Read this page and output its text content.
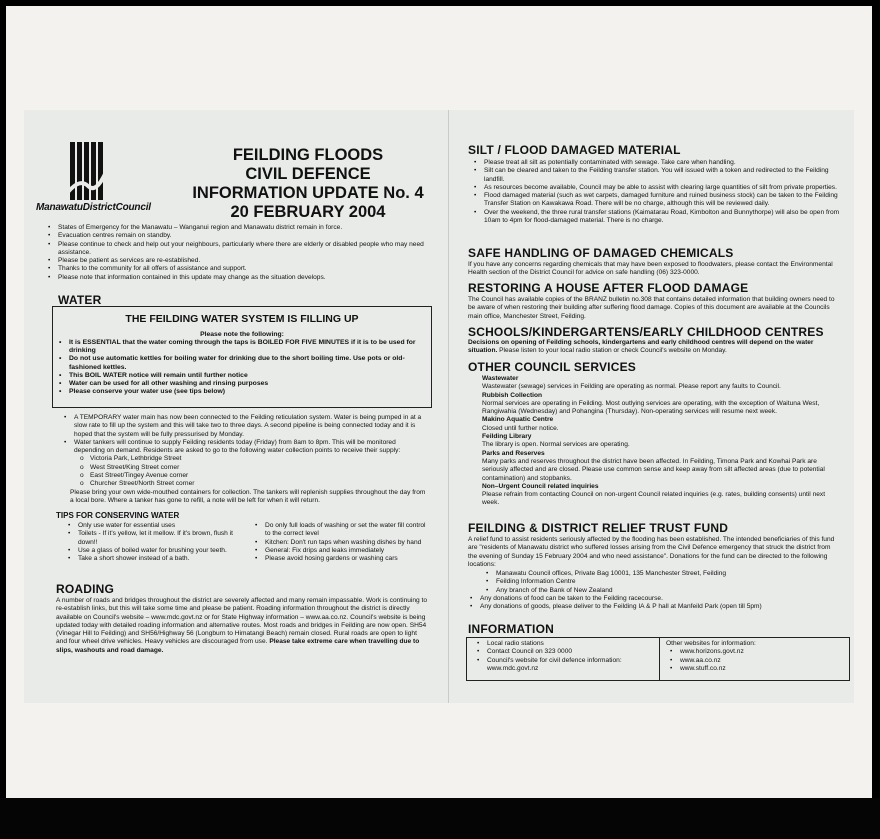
ManawatuDistrictCouncil
FEILDING FLOODS
CIVIL DEFENCE
INFORMATION UPDATE No. 4
20 FEBRUARY 2004
• States of Emergency for the Manawatu – Wanganui region and Manawatu district remain in force.
• Evacuation centres remain on standby.
• Please continue to check and help out your neighbours, particularly where there are elderly or disabled people who may need assistance.
• Please be patient as services are re-established.
• Thanks to the community for all offers of assistance and support.
• Please note that information contained in this update may change as the situation develops.
WATER
THE FEILDING WATER SYSTEM IS FILLING UP
Please note the following:
• It is ESSENTIAL that the water coming through the taps is BOILED FOR FIVE MINUTES if it is to be used for drinking
• Do not use automatic kettles for boiling water for drinking due to the short boiling time. Use pots or old-fashioned kettles.
• This BOIL WATER notice will remain until further notice
• Water can be used for all other washing and rinsing purposes
• Please conserve your water use (see tips below)
• A TEMPORARY water main has now been connected to the Feilding reticulation system. Water is being pumped in at a slow rate to fill up the system and this will take two to three days. A second pipeline is being connected today and it is hoped that the system will be fully pressurised by Monday.
• Water tankers will continue to supply Feilding residents today (Friday) from 8am to 8pm. This will be monitored depending on demand. Residents are asked to go to the following water collection points to receive their supply:
o Victoria Park, Lethbridge Street
o West Street/King Street corner
o East Street/Tingey Avenue corner
o Churcher Street/North Street corner
Please bring your own wide-mouthed containers for collection. The tankers will replenish supplies throughout the day from a local bore. Where a tanker has gone to refill, a note will be left for when it will return.
TIPS FOR CONSERVING WATER
• Only use water for essential uses
• Toilets - If it's yellow, let it mellow. If it's brown, flush it down!!
• Use a glass of boiled water for brushing your teeth.
• Take a short shower instead of a bath.
• Do only full loads of washing or set the water fill control to the correct level
• Kitchen: Don't run taps when washing dishes by hand
• General: Fix drips and leaks immediately
• Please avoid hosing gardens or washing cars
ROADING
A number of roads and bridges throughout the district are severely affected and many remain impassable. Work is continuing to re-establish links, but this will take some time and please be patient. Roading information throughout the district is directly available on Council's website – www.mdc.govt.nz or for State Highway information – www.aa.co.nz. Council's website is being updated today with detailed roading information and alternative routes. Most roads and bridges in Feilding are now open. SH54 (Vinegar Hill to Feilding) and SH56/Highway 56 (Longburn to Himatangi Beach) remain closed. Rural roads are open to light and four wheel drive vehicles. Heavy vehicles are discouraged from use. Please take extreme care when travelling due to slips, washouts and road damage.
SILT / FLOOD DAMAGED MATERIAL
• Please treat all silt as potentially contaminated with sewage. Take care when handling.
• Silt can be cleared and taken to the Feilding transfer station. You will issued with a token and redirected to the Feilding landfill.
• As resources become available, Council may be able to assist with clearing large quantities of silt from private properties.
• Flood damaged material (such as wet carpets, damaged furniture and ruined business stock) can be taken to the Feilding Transfer Station on Kawakawa Road. There will be no charge, although this will be reviewed daily.
• Over the weekend, the three rural transfer stations (Kaimatarau Road, Kimbolton and Bunnythorpe) will also be open from 10am to 4pm for flood-damaged material. There is no charge.
SAFE HANDLING OF DAMAGED CHEMICALS
If you have any concerns regarding chemicals that may have been exposed to floodwaters, please contact the Environmental Health section of the District Council for advice on safe handling (06) 323-0000.
RESTORING A HOUSE AFTER FLOOD DAMAGE
The Council has available copies of the BRANZ bulletin no.308 that contains detailed information that building owners need to be aware of when restoring their building after suffering flood damage. Copies of this document are available at the Councils main office, Manchester Street, Feilding.
SCHOOLS/KINDERGARTENS/EARLY CHILDHOOD CENTRES
Decisions on opening of Feilding schools, kindergartens and early childhood centres will depend on the water situation. Please listen to your local radio station or check Council's website on Monday.
OTHER COUNCIL SERVICES
Wastewater
Wastewater (sewage) services in Feilding are operating as normal. Please report any faults to Council.
Rubbish Collection
Normal services are operating in Feilding. Most outlying services are operating, with the exception of Waituna West, Rangiwahia (Wednesday) and Pohangina (Thursday). Non-operating services will resume next week.
Makino Aquatic Centre
Closed until further notice.
Feilding Library
The library is open. Normal services are operating.
Parks and Reserves
Many parks and reserves throughout the district have been affected. In Feilding, Timona Park and Kowhai Park are seriously affected and are closed. Please use common sense and keep away from silt affected areas (due to potential contamination) and stopbanks.
Non–Urgent Council related inquiries
Please refrain from contacting Council on non-urgent Council related inquiries (e.g. rates, building consents) until next week.
FEILDING & DISTRICT RELIEF TRUST FUND
A relief fund to assist residents seriously affected by the flooding has been established. The intended beneficiaries of this fund are "residents of Manawatu district who suffered losses arising from the Civil Defence emergency that struck the district from the evening of Sunday 15 February 2004 and who need assistance". Donations for the fund can be directed to the following locations:
• Manawatu Council offices, Private Bag 10001, 135 Manchester Street, Feilding
• Feilding Information Centre
• Any branch of the Bank of New Zealand
• Any donations of food can be taken to the Feilding racecourse.
• Any donations of goods, please deliver to the Feilding IA & P hall at Manfeild Park (open till 5pm)
INFORMATION
• Local radio stations
• Contact Council on 323 0000
• Council's website for civil defence information: www.mdc.govt.nz
Other websites for information:
• www.horizons.govt.nz
• www.aa.co.nz
• www.stuff.co.nz
